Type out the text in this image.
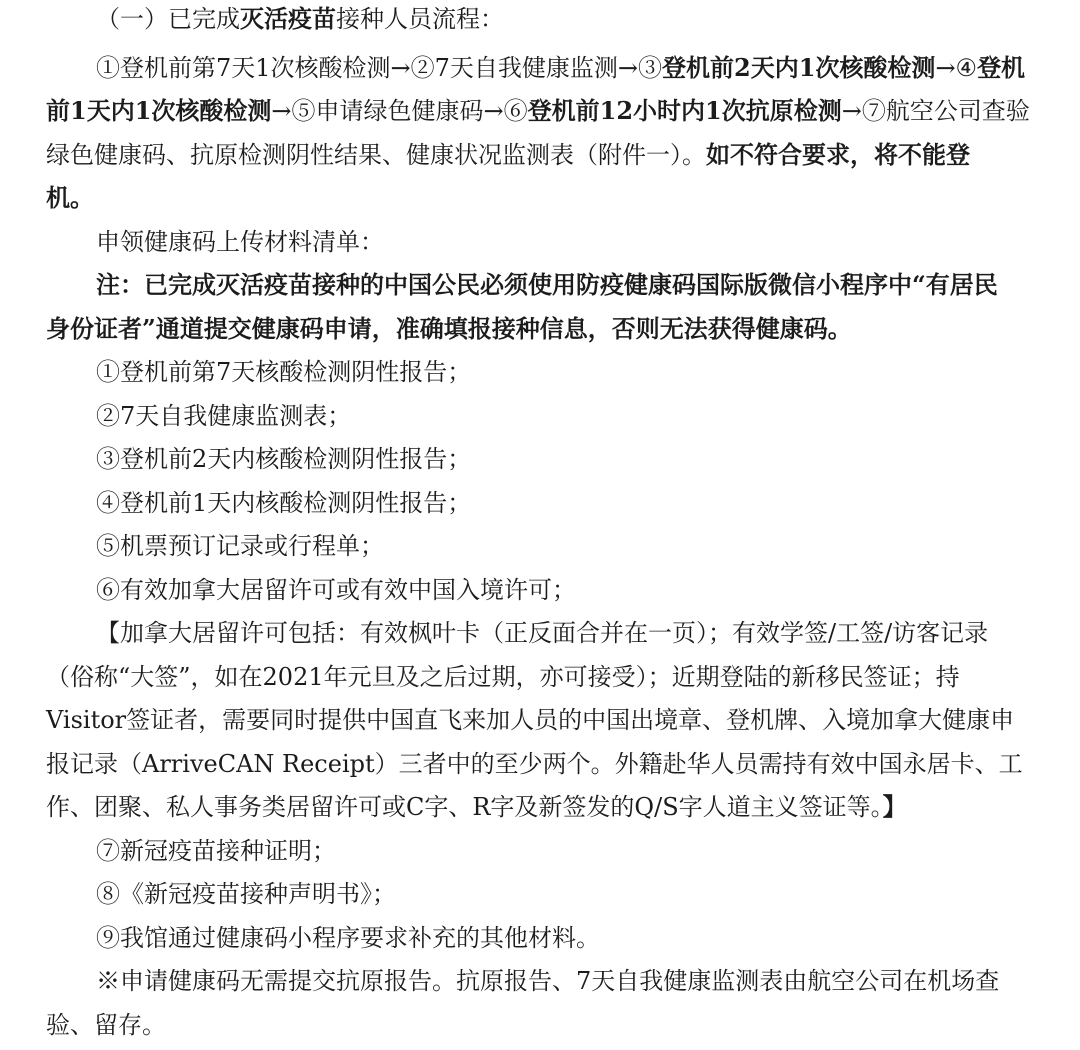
（一）已完成灭活疫苗接种人员流程：
①登机前第7天1次核酸检测→②7天自我健康监测→③登机前2天内1次核酸检测→④登机
前1天内1次核酸检测→⑤申请绿色健康码→⑥登机前12小时内1次抗原检测→⑦航空公司查验
绿色健康码、抗原检测阴性结果、健康状况监测表（附件一）。如不符合要求，将不能登
机。
申领健康码上传材料清单：
注：已完成灭活疫苗接种的中国公民必须使用防疫健康码国际版微信小程序中“有居民
身份证者”通道提交健康码申请，准确填报接种信息，否则无法获得健康码。
①登机前第7天核酸检测阴性报告；
②7天自我健康监测表；
③登机前2天内核酸检测阴性报告；
④登机前1天内核酸检测阴性报告；
⑤机票预订记录或行程单；
⑥有效加拿大居留许可或有效中国入境许可；
【加拿大居留许可包括：有效枫叶卡（正反面合并在一页）；有效学签/工签/访客记录
（俗称“大签”，如在2021年元旦及之后过期，亦可接受）；近期登陆的新移民签证；持
Visitor签证者，需要同时提供中国直飞来加人员的中国出境章、登机牌、入境加拿大健康申
报记录（ArriveCAN Receipt）三者中的至少两个。外籍赴华人员需持有效中国永居卡、工
作、团聚、私人事务类居留许可或C字、R字及新签发的Q/S字人道主义签证等。】
⑦新冠疫苗接种证明；
⑧《新冠疫苗接种声明书》；
⑨我馆通过健康码小程序要求补充的其他材料。
※申请健康码无需提交抗原报告。抗原报告、7天自我健康监测表由航空公司在机场查
验、留存。
